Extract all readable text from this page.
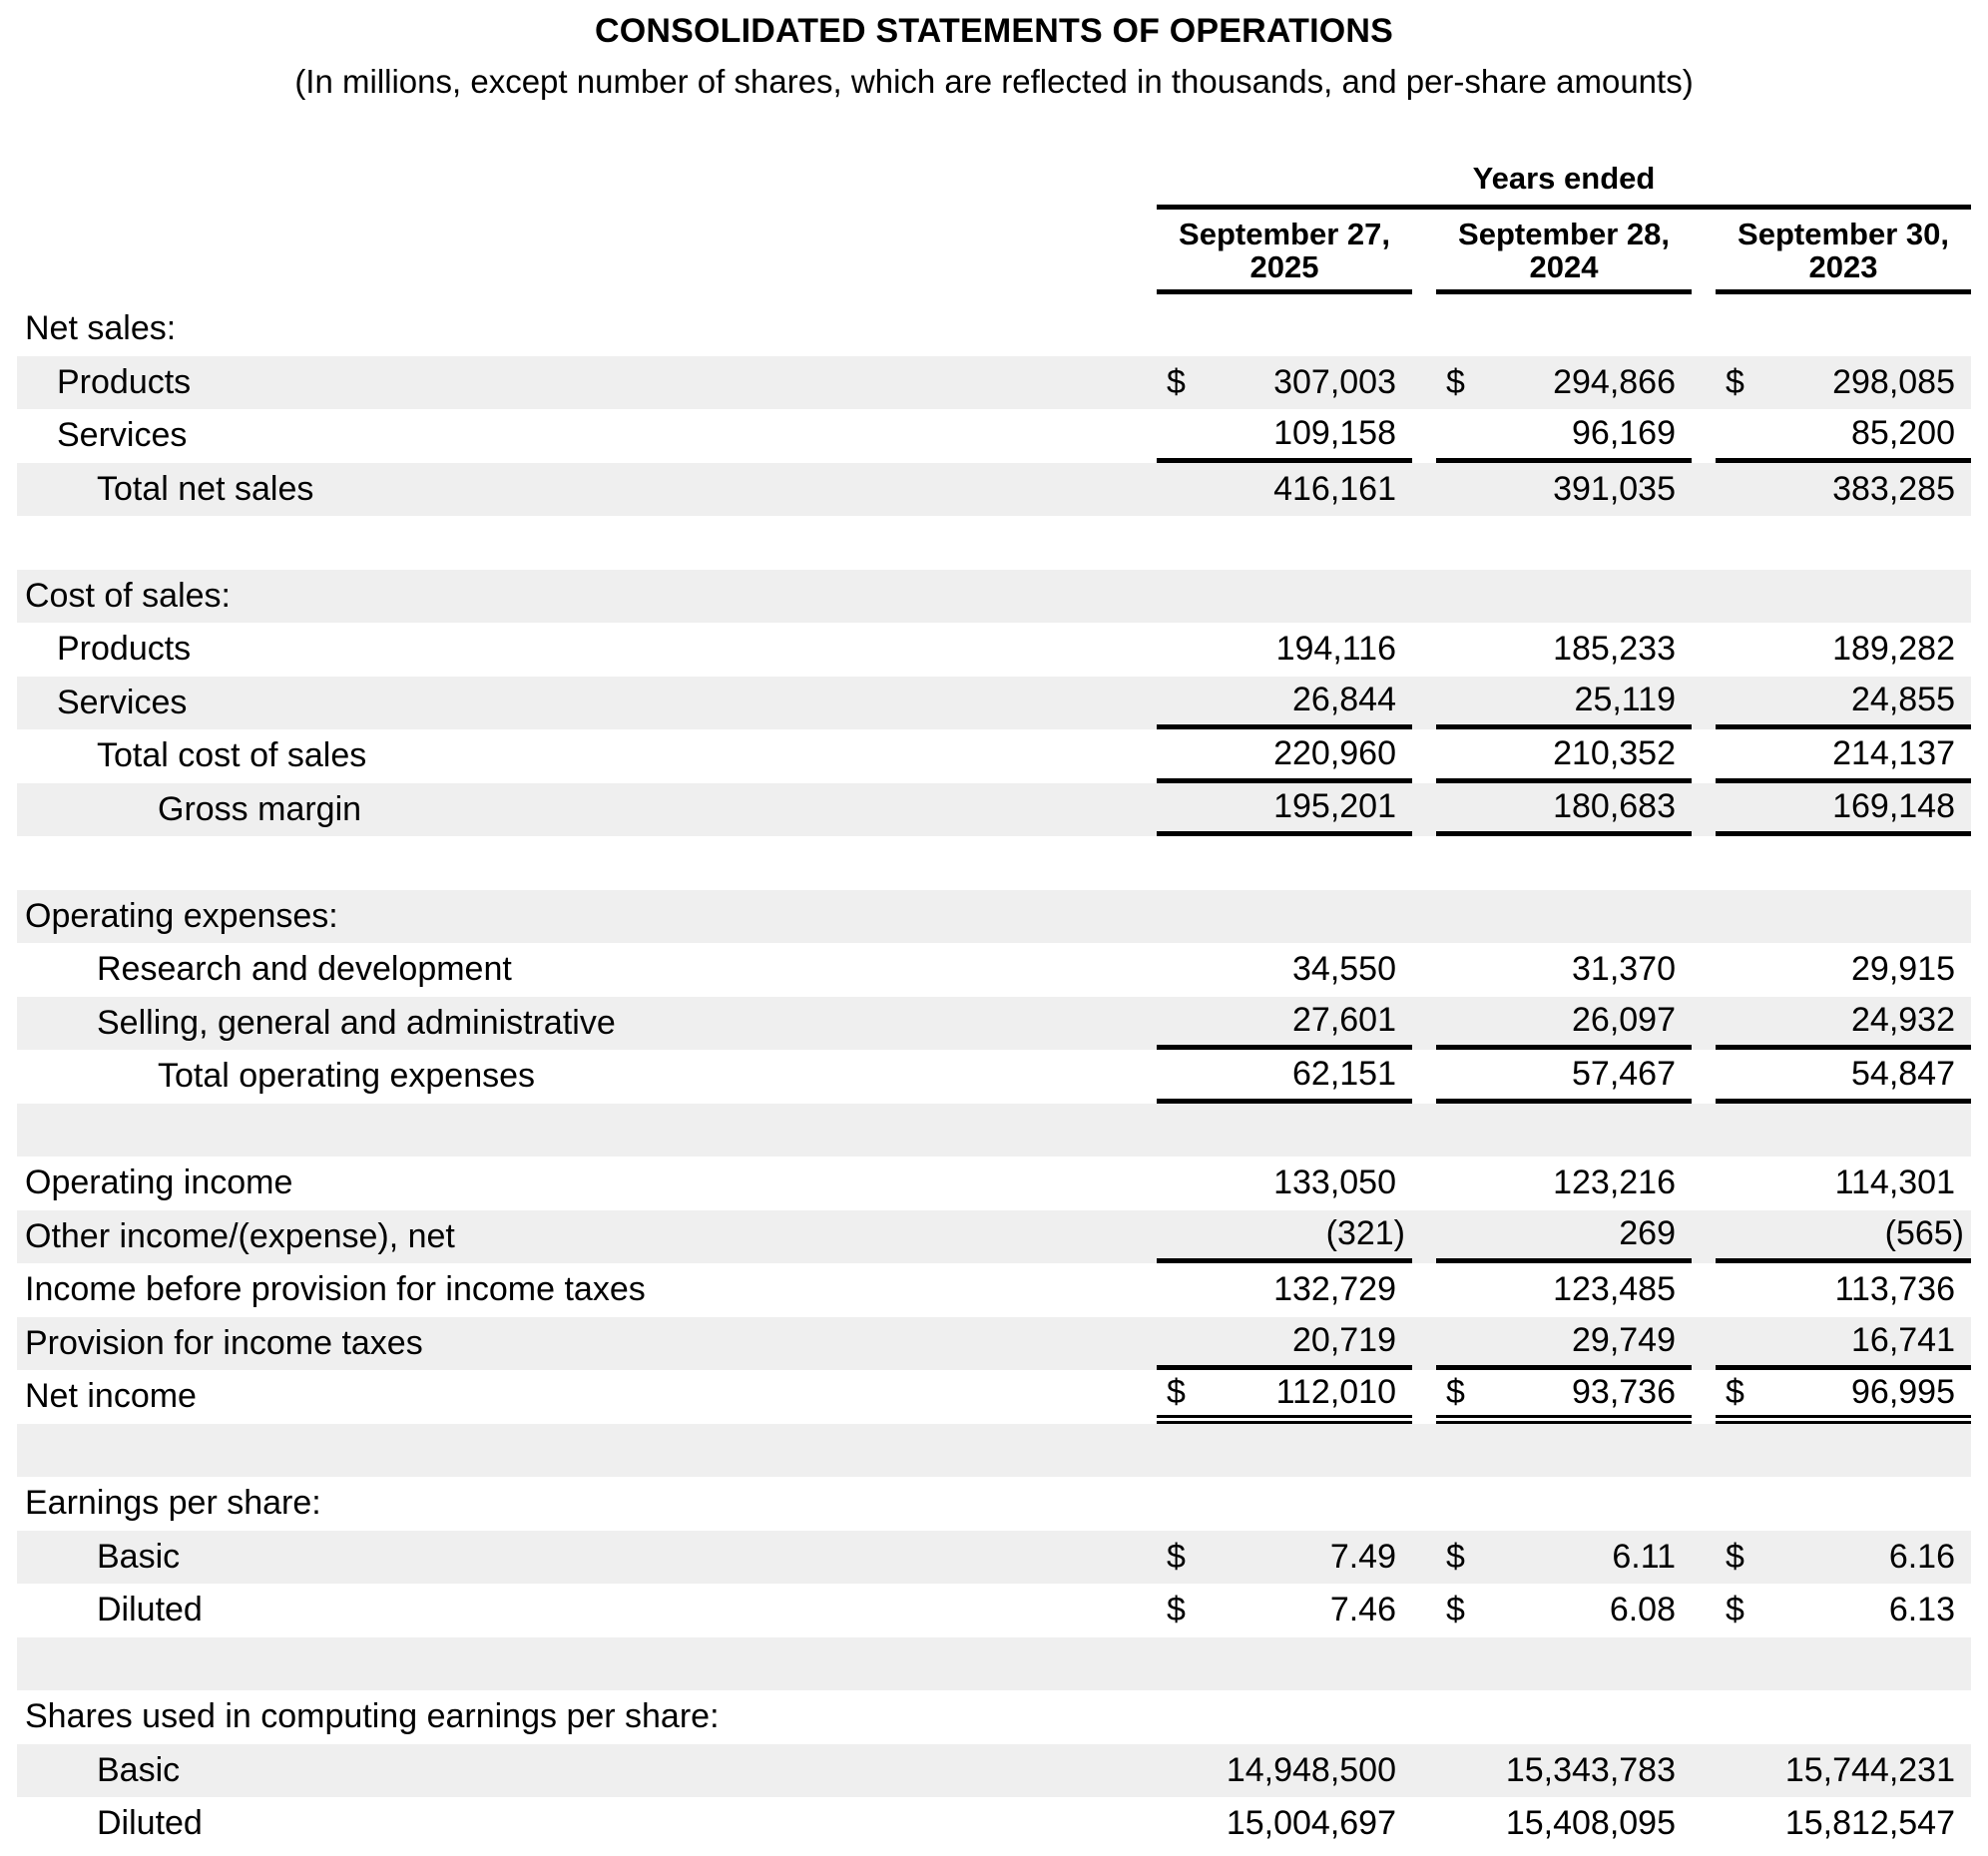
CONSOLIDATED STATEMENTS OF OPERATIONS
(In millions, except number of shares, which are reflected in thousands, and per-share amounts)
Years ended
September 27, 2025
September 28, 2024
September 30, 2023
Net sales:
Products	$	307,003 $	294,866 $	298,085
Services	109,158	96,169	85,200
Total net sales	416,161	391,035	383,285
Cost of sales:
Products	194,116	185,233	189,282
Services	26,844	25,119	24,855
Total cost of sales	220,960	210,352	214,137
Gross margin	195,201	180,683	169,148
Operating expenses:
Research and development	34,550	31,370	29,915
Selling, general and administrative	27,601	26,097	24,932
Total operating expenses	62,151	57,467	54,847
Operating income	133,050	123,216	114,301
Other income/(expense), net	(321)	269	(565)
Income before provision for income taxes	132,729	123,485	113,736
Provision for income taxes	20,719	29,749	16,741
Net income	$	112,010 $	93,736 $	96,995
Earnings per share:
Basic	$	7.49 $	6.11 $	6.16
Diluted	$	7.46 $	6.08 $	6.13
Shares used in computing earnings per share:
Basic	14,948,500	15,343,783	15,744,231
Diluted	15,004,697	15,408,095	15,812,547
